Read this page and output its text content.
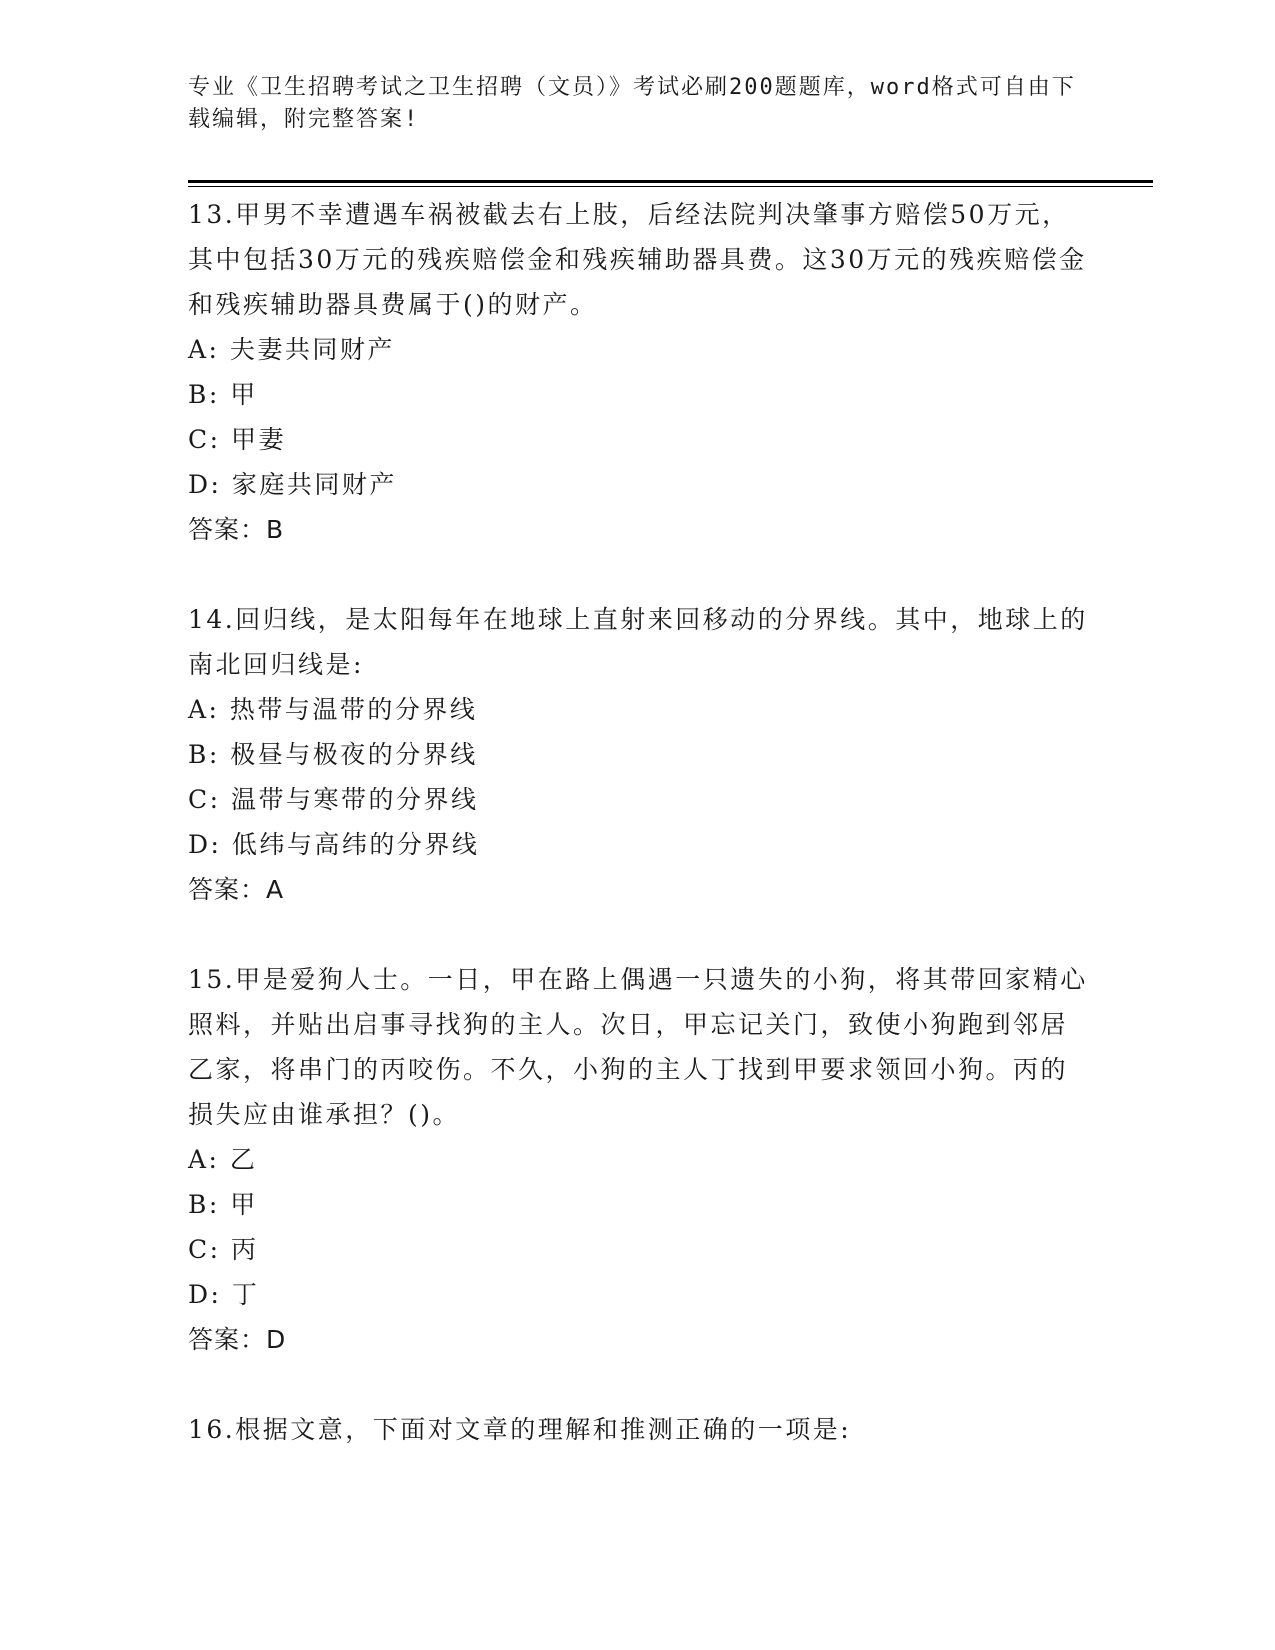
专业《卫生招聘考试之卫生招聘（文员）》考试必刷200题题库，word格式可自由下载编辑，附完整答案!
13.甲男不幸遭遇车祸被截去右上肢，后经法院判决肇事方赔偿50万元，其中包括30万元的残疾赔偿金和残疾辅助器具费。这30万元的残疾赔偿金和残疾辅助器具费属于()的财产。
A: 夫妻共同财产
B: 甲
C: 甲妻
D: 家庭共同财产
答案：B
14.回归线，是太阳每年在地球上直射来回移动的分界线。其中，地球上的南北回归线是:
A: 热带与温带的分界线
B: 极昼与极夜的分界线
C: 温带与寒带的分界线
D: 低纬与高纬的分界线
答案：A
15.甲是爱狗人士。一日，甲在路上偶遇一只遗失的小狗，将其带回家精心照料，并贴出启事寻找狗的主人。次日，甲忘记关门，致使小狗跑到邻居乙家，将串门的丙咬伤。不久，小狗的主人丁找到甲要求领回小狗。丙的损失应由谁承担？()。
A: 乙
B: 甲
C: 丙
D: 丁
答案：D
16.根据文意，下面对文章的理解和推测正确的一项是:
